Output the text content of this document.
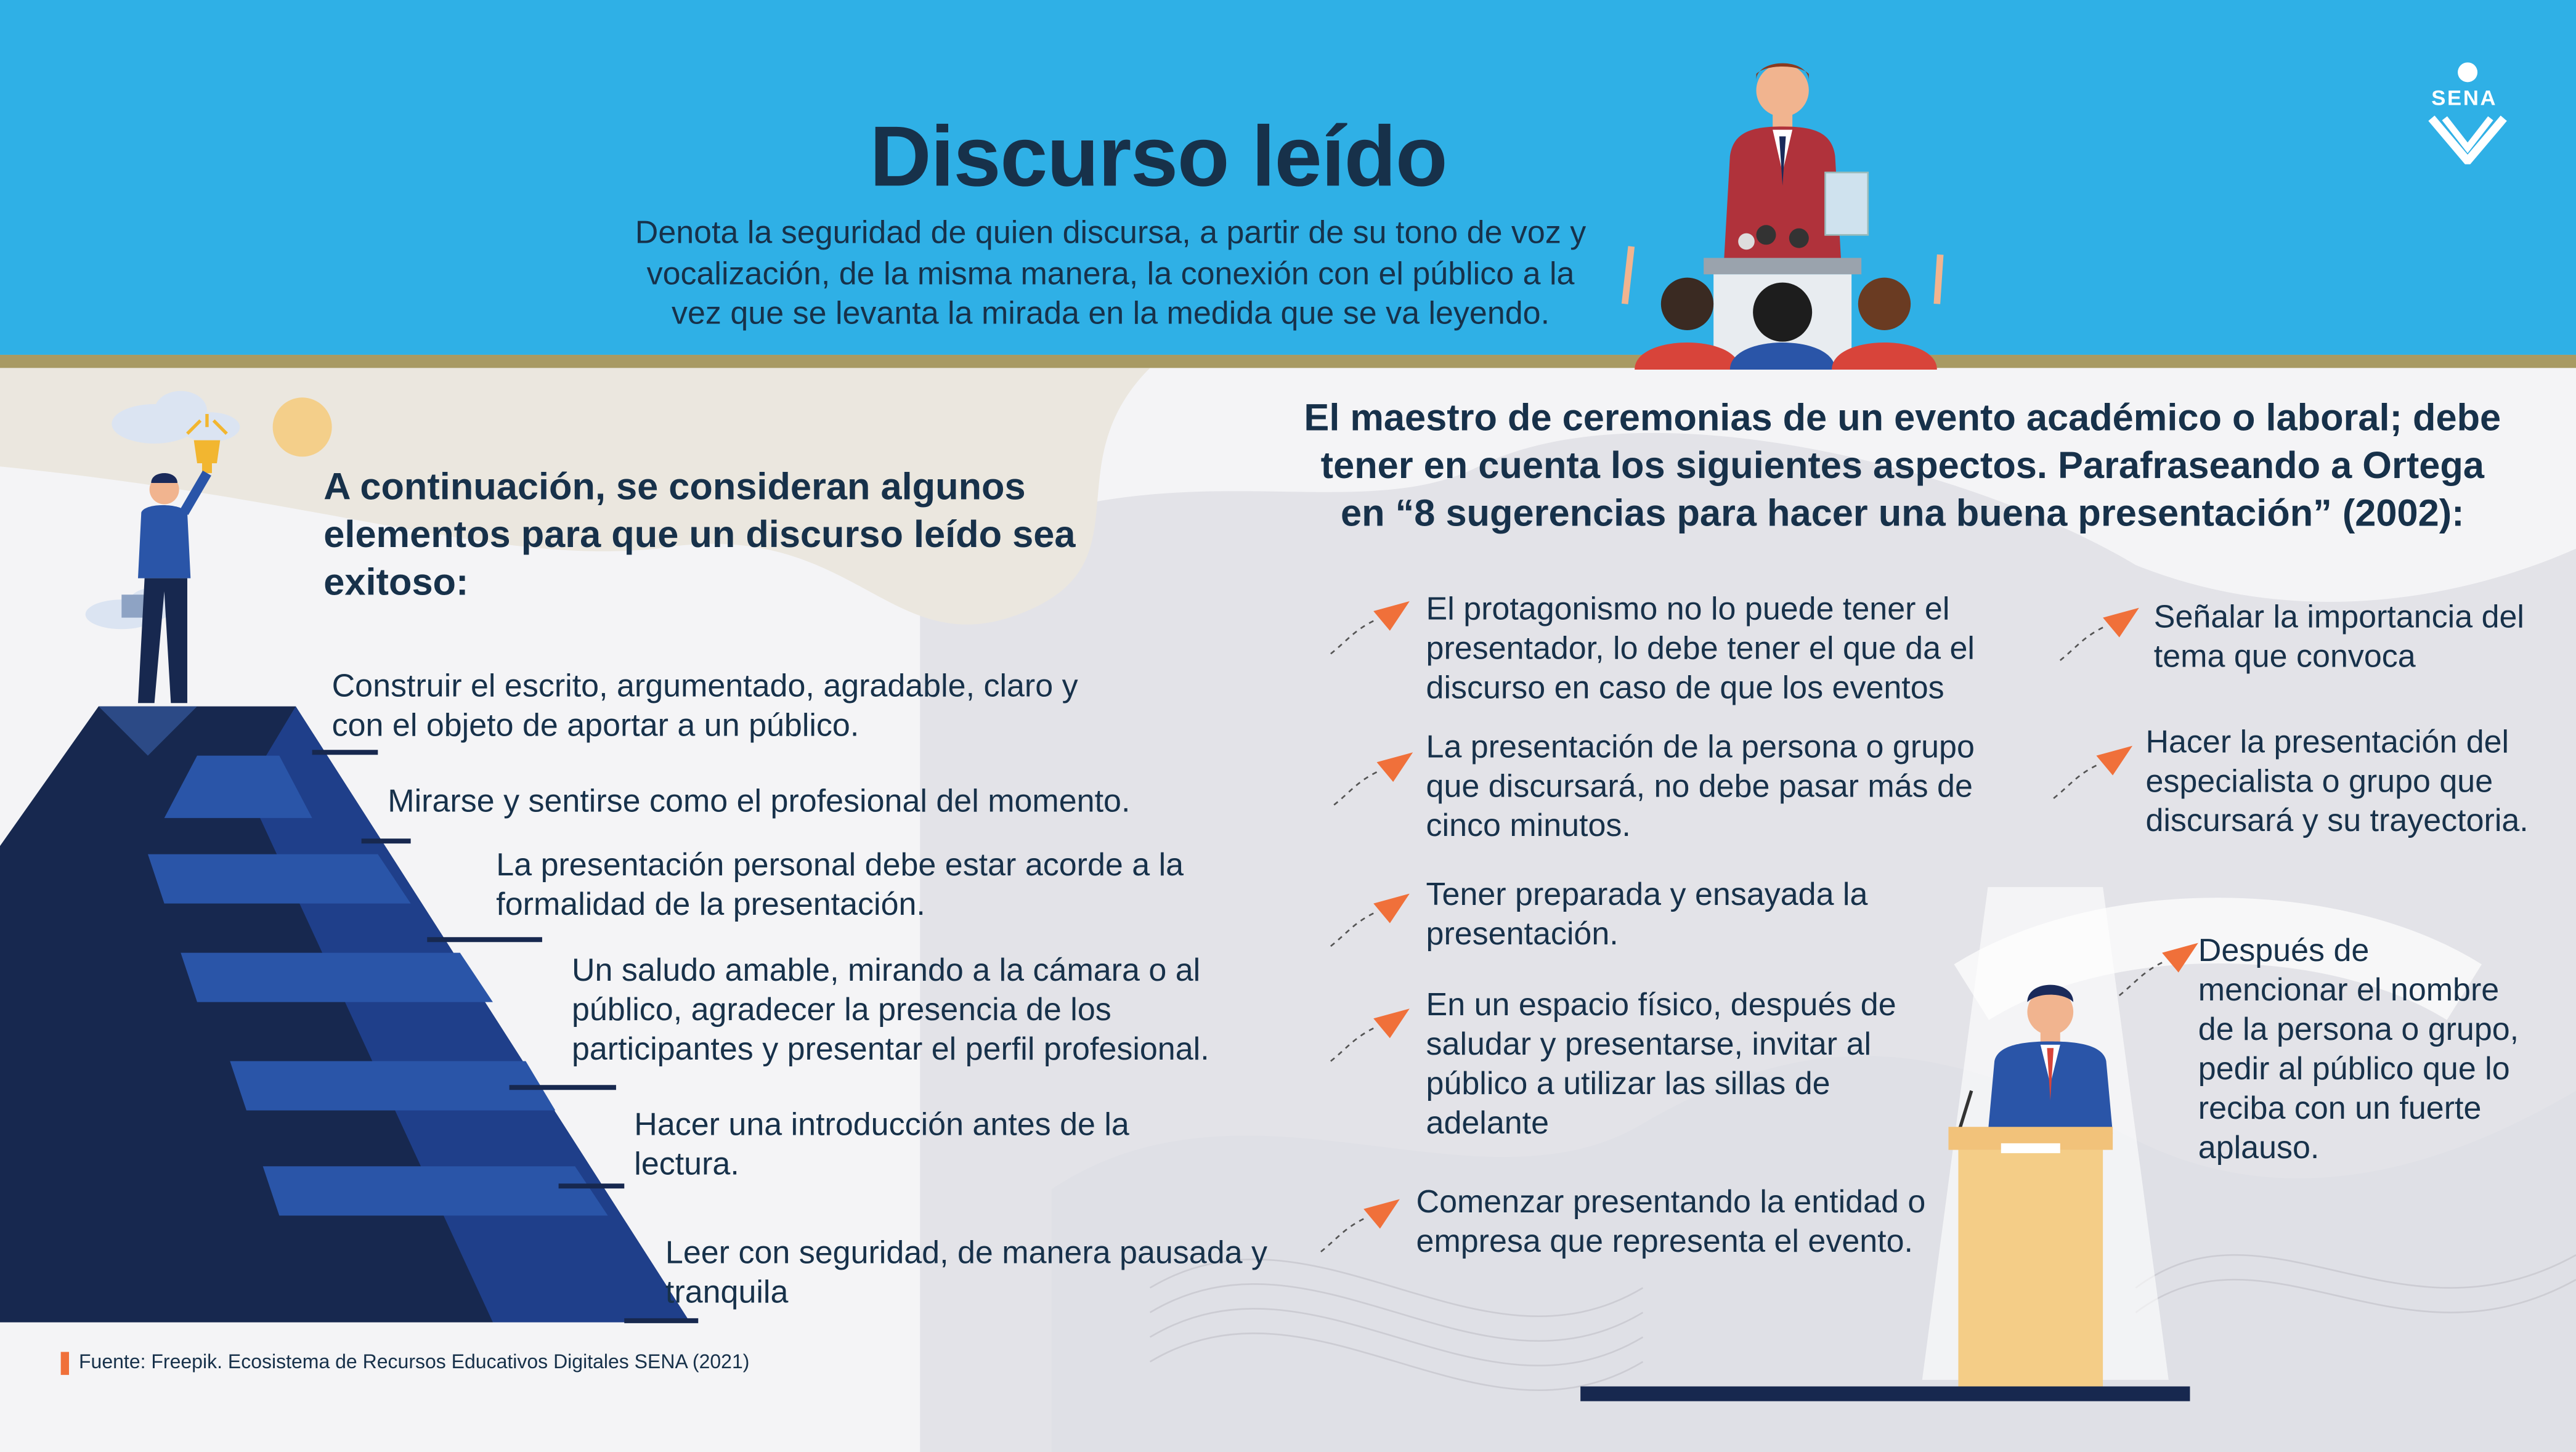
Discurso leído
Denota la seguridad de quien discursa, a partir de su tono de voz y vocalización, de la misma manera, la conexión con el público a la vez que se levanta la mirada en la medida que se va leyendo.
SENA
A continuación, se consideran algunos elementos para que un discurso leído sea exitoso:
El maestro de ceremonias de un evento académico o laboral; debe tener en cuenta los siguientes aspectos. Parafraseando a Ortega en “8 sugerencias para hacer una buena presentación” (2002):
Construir el escrito, argumentado, agradable, claro y con el objeto de aportar a un público.
Mirarse y sentirse como el profesional del momento.
La presentación personal debe estar acorde a la formalidad de la presentación.
Un saludo amable, mirando a la cámara o al público, agradecer la presencia de los participantes y presentar el perfil profesional.
Hacer una introducción antes de la lectura.
Leer con seguridad, de manera pausada y tranquila
El protagonismo no lo puede tener el presentador, lo debe tener el que da el discurso en caso de que los eventos
La presentación de la persona o grupo que discursará, no debe pasar más de cinco minutos.
Tener preparada y ensayada la presentación.
En un espacio físico, después de saludar y presentarse, invitar al público a utilizar las sillas de adelante
Comenzar presentando la entidad o empresa que representa el evento.
Señalar la importancia del tema que convoca
Hacer la presentación del especialista o grupo que discursará y su trayectoria.
Después de mencionar el nombre de la persona o grupo, pedir al público que lo reciba con un fuerte aplauso.
Fuente: Freepik. Ecosistema de Recursos Educativos Digitales SENA (2021)
